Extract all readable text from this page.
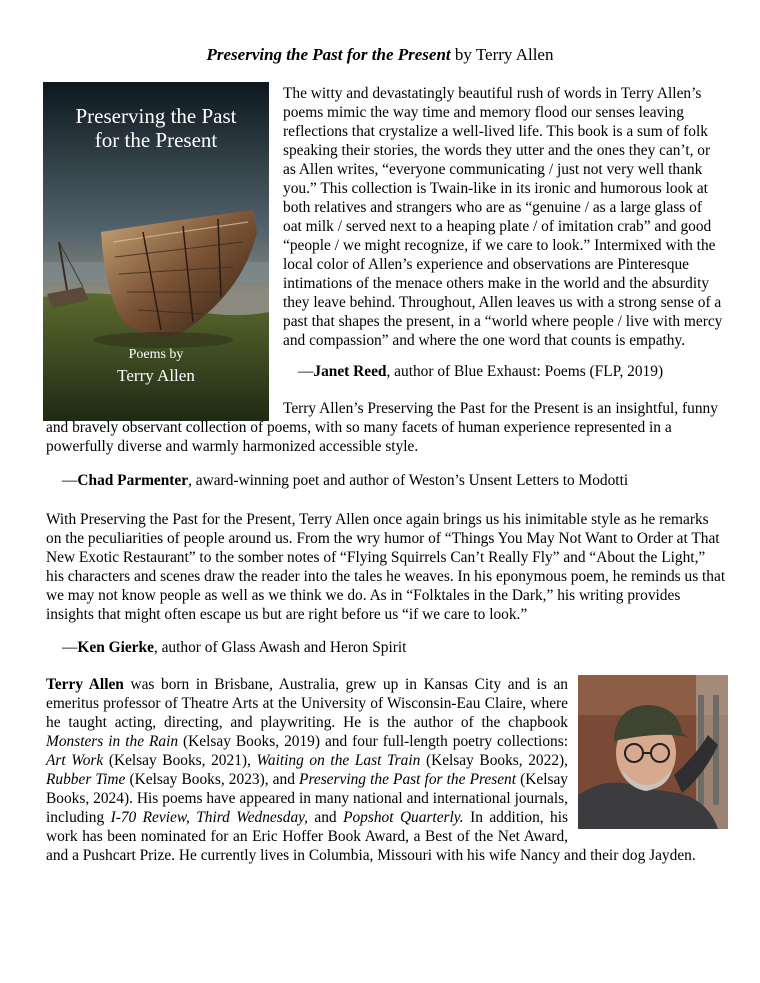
Preserving the Past for the Present by Terry Allen
Preserving the Past
for the Present
Poems by
Terry Allen

The witty and devastatingly beautiful rush of words in Terry Allen’s poems mimic the way time and memory flood our senses leaving reflections that crystalize a well-lived life. This book is a sum of folk speaking their stories, the words they utter and the ones they can’t, or as Allen writes, “everyone communicating / just not very well thank you.” This collection is Twain-like in its ironic and humorous look at both relatives and strangers who are as “genuine / as a large glass of oat milk / served next to a heaping plate / of imitation crab” and good “people / we might recognize, if we care to look.” Intermixed with the local color of Allen’s experience and observations are Pinteresque intimations of the menace others make in the world and the absurdity they leave behind. Throughout, Allen leaves us with a strong sense of a past that shapes the present, in a “world where people / live with mercy and compassion” and where the one word that counts is empathy.

—Janet Reed, author of Blue Exhaust: Poems (FLP, 2019)

Terry Allen’s Preserving the Past for the Present is an insightful, funny and bravely observant collection of poems, with so many facets of human experience represented in a powerfully diverse and warmly harmonized accessible style.

—Chad Parmenter, award-winning poet and author of Weston’s Unsent Letters to Modotti

With Preserving the Past for the Present, Terry Allen once again brings us his inimitable style as he remarks on the peculiarities of people around us. From the wry humor of “Things You May Not Want to Order at That New Exotic Restaurant” to the somber notes of “Flying Squirrels Can’t Really Fly” and “About the Light,” his characters and scenes draw the reader into the tales he weaves. In his eponymous poem, he reminds us that we may not know people as well as we think we do. As in “Folktales in the Dark,” his writing provides insights that might often escape us but are right before us “if we care to look.”

—Ken Gierke, author of Glass Awash and Heron Spirit
Terry Allen was born in Brisbane, Australia, grew up in Kansas City and is an emeritus professor of Theatre Arts at the University of Wisconsin-Eau Claire, where he taught acting, directing, and playwriting. He is the author of the chapbook Monsters in the Rain (Kelsay Books, 2019) and four full-length poetry collections: Art Work (Kelsay Books, 2021), Waiting on the Last Train (Kelsay Books, 2022), Rubber Time (Kelsay Books, 2023), and Preserving the Past for the Present (Kelsay Books, 2024). His poems have appeared in many national and international journals, including I-70 Review, Third Wednesday, and Popshot Quarterly. In addition, his work has been nominated for an Eric Hoffer Book Award, a Best of the Net Award, and a Pushcart Prize. He currently lives in Columbia, Missouri with his wife Nancy and their dog Jayden.
